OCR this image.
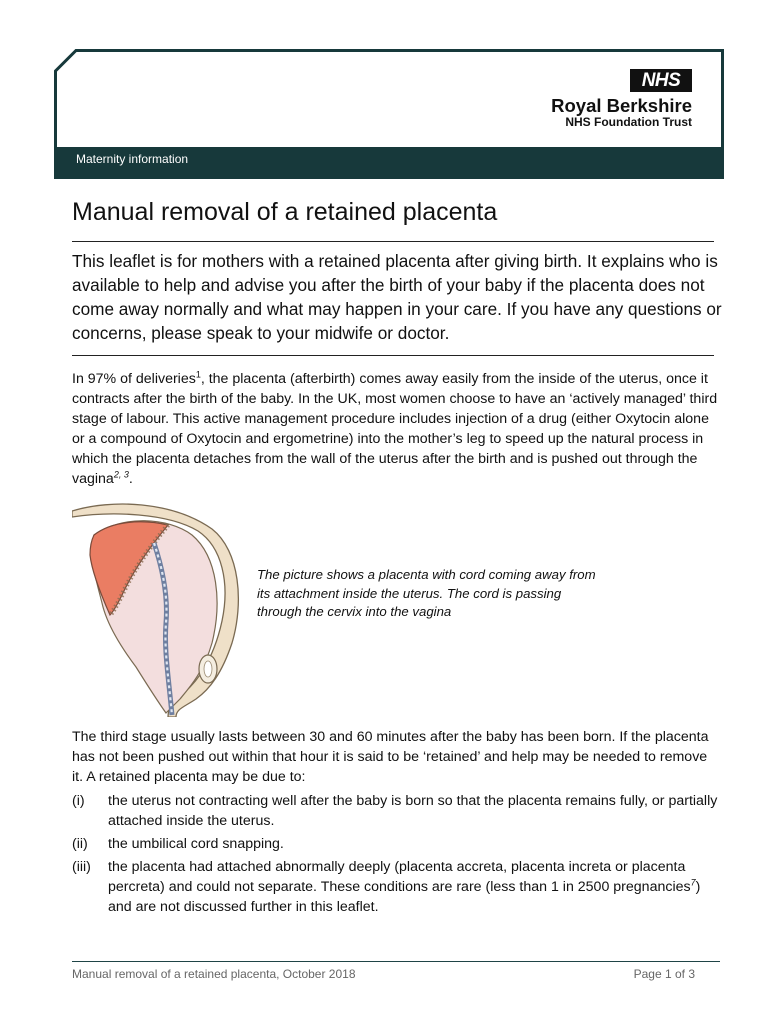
NHS
Royal Berkshire
NHS Foundation Trust
Maternity information
Manual removal of a retained placenta

This leaflet is for mothers with a retained placenta after giving birth. It explains who is available to help and advise you after the birth of your baby if the placenta does not come away normally and what may happen in your care. If you have any questions or concerns, please speak to your midwife or doctor.

In 97% of deliveries$^1$, the placenta (afterbirth) comes away easily from the inside of the uterus, once it contracts after the birth of the baby. In the UK, most women choose to have an ‘actively managed’ third stage of labour. This active management procedure includes injection of a drug (either Oxytocin alone or a compound of Oxytocin and ergometrine) into the mother’s leg to speed up the natural process in which the placenta detaches from the wall of the uterus after the birth and is pushed out through the vagina$^{2, 3}$.

The picture shows a placenta with cord coming away from its attachment inside the uterus. The cord is passing through the cervix into the vagina

The third stage usually lasts between 30 and 60 minutes after the baby has been born. If the placenta has not been pushed out within that hour it is said to be ‘retained’ and help may be needed to remove it. A retained placenta may be due to:

(i) the uterus not contracting well after the baby is born so that the placenta remains fully, or partially attached inside the uterus.
(ii) the umbilical cord snapping.
(iii) the placenta had attached abnormally deeply (placenta accreta, placenta increta or placenta percreta) and could not separate. These conditions are rare (less than 1 in 2500 pregnancies$^7$) and are not discussed further in this leaflet.
Manual removal of a retained placenta, October 2018	Page 1 of 3
